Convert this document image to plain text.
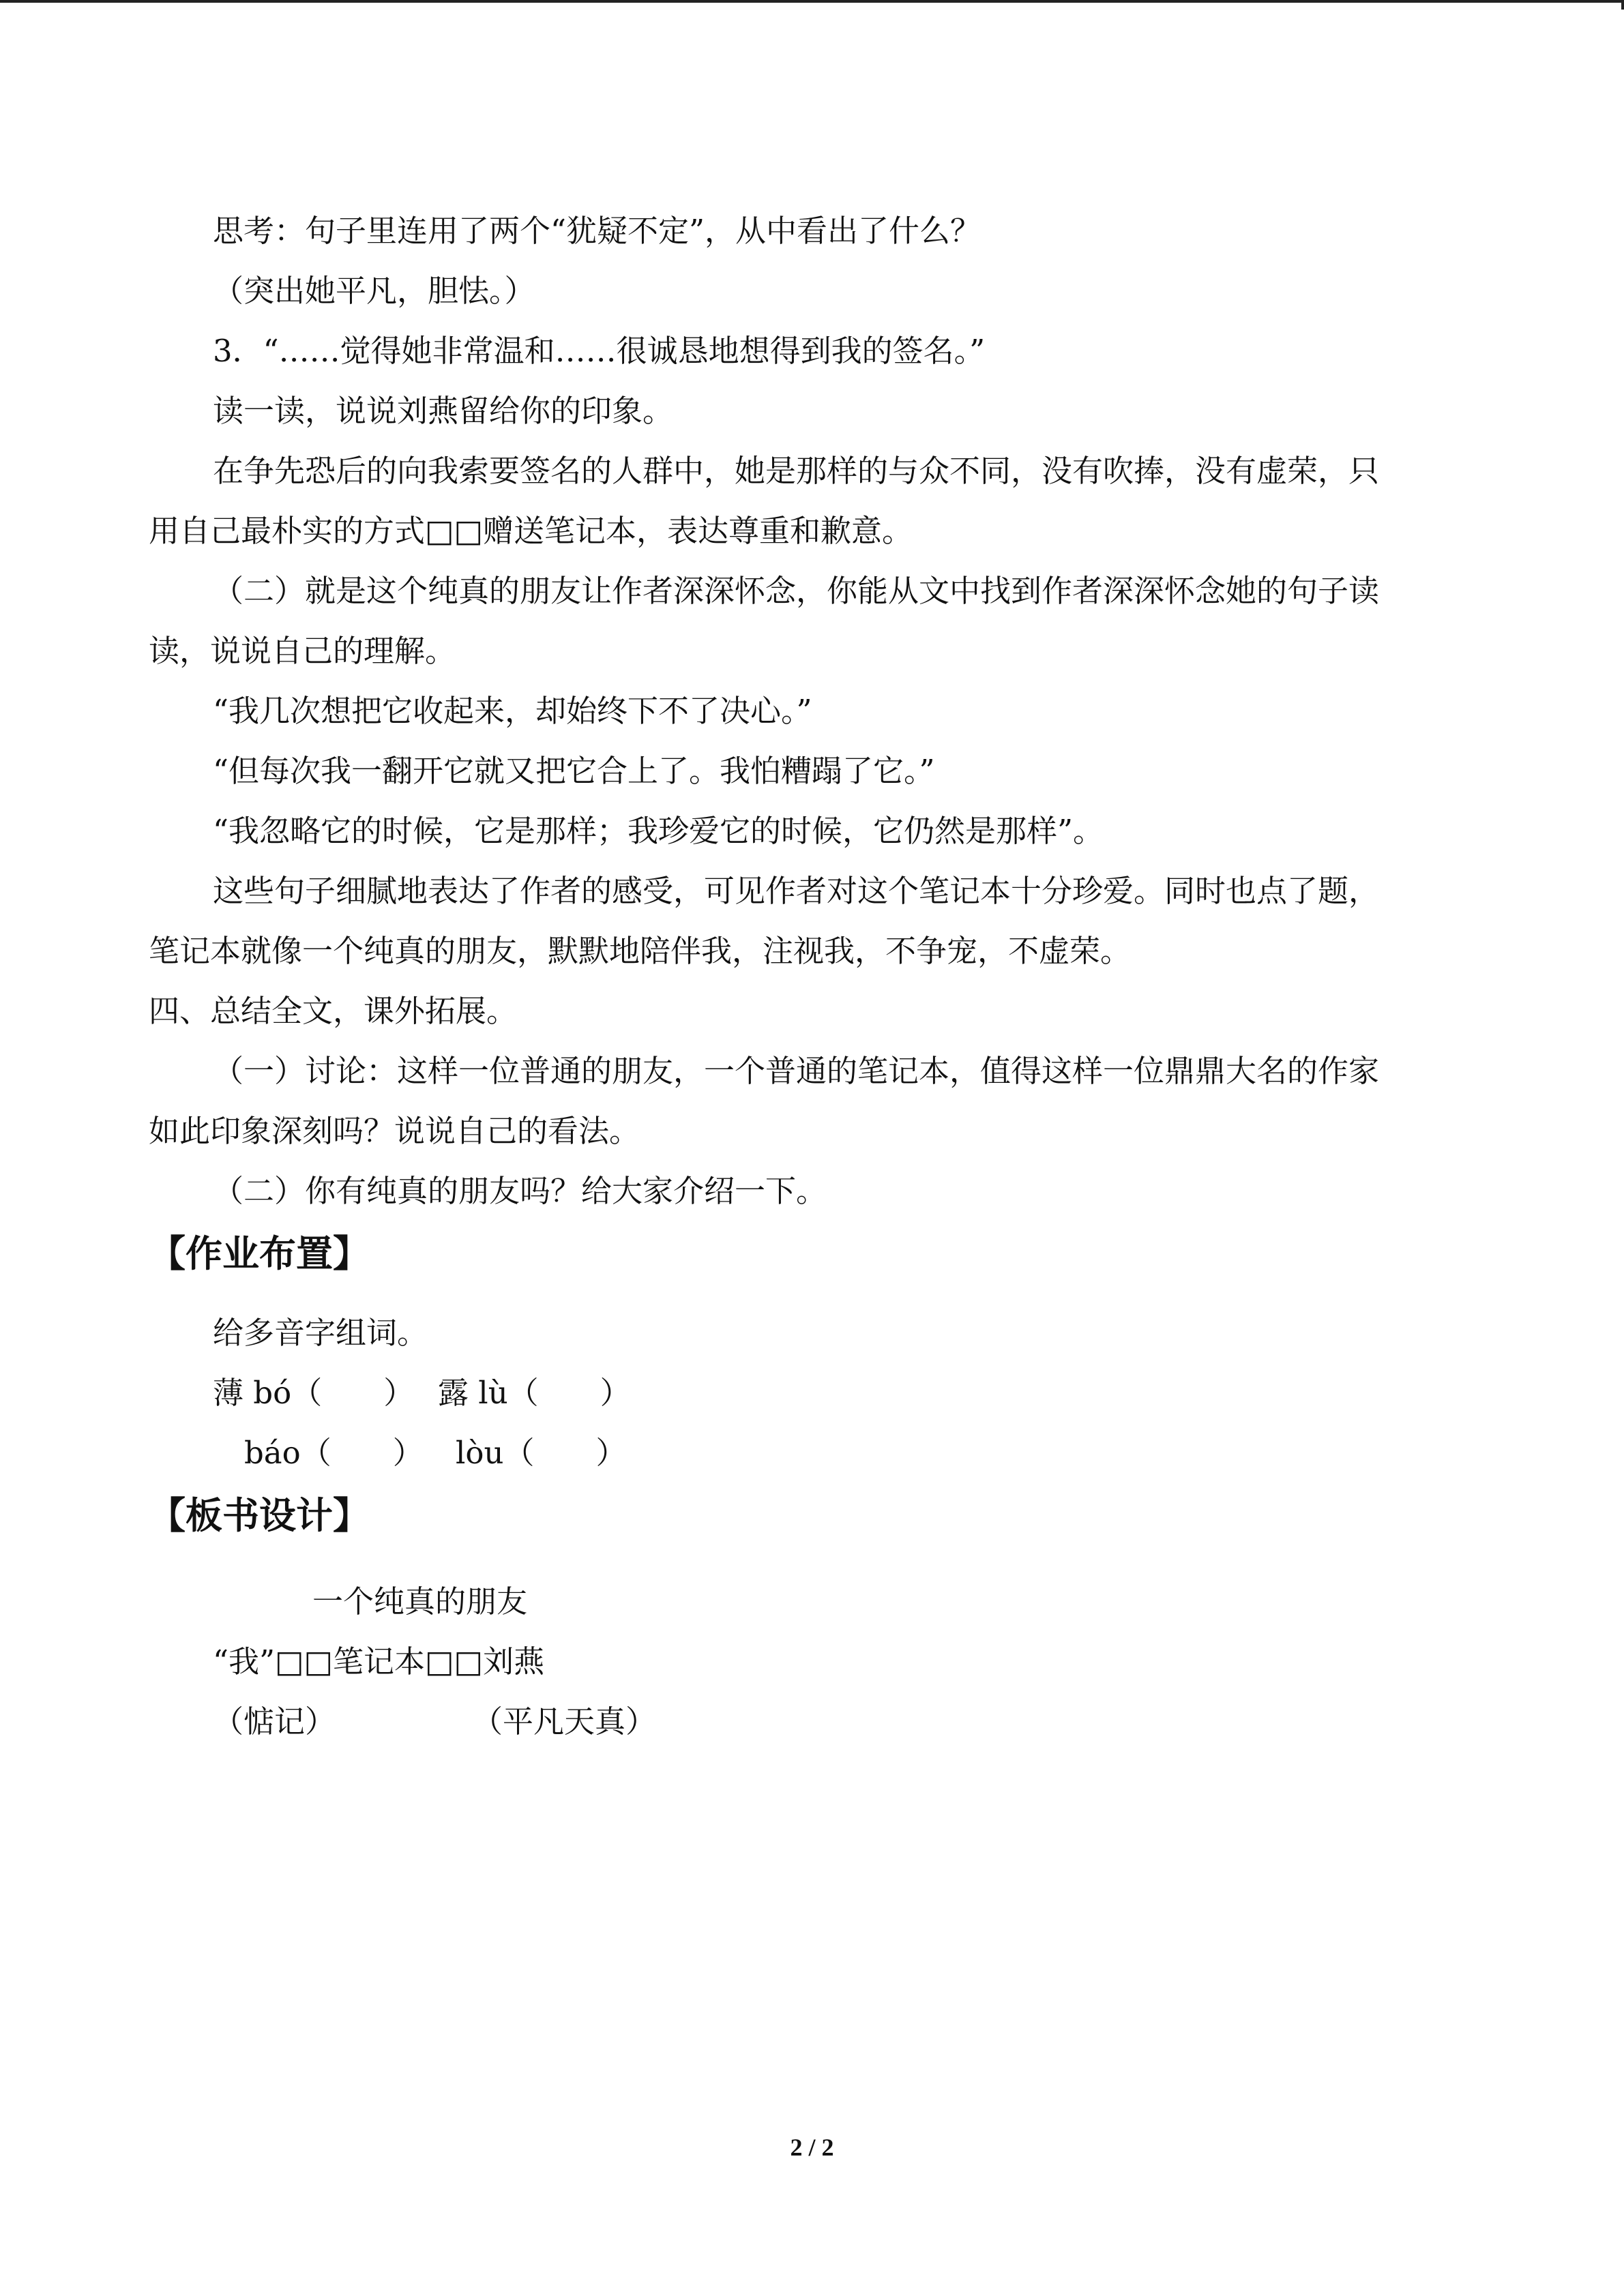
思考：句子里连用了两个“犹疑不定”，从中看出了什么？

（突出她平凡，胆怯。）

3．“……觉得她非常温和……很诚恳地想得到我的签名。”

读一读，说说刘燕留给你的印象。

在争先恐后的向我索要签名的人群中，她是那样的与众不同，没有吹捧，没有虚荣，只

用自己最朴实的方式□□赠送笔记本，表达尊重和歉意。

（二）就是这个纯真的朋友让作者深深怀念，你能从文中找到作者深深怀念她的句子读

读，说说自己的理解。

“我几次想把它收起来，却始终下不了决心。”

“但每次我一翻开它就又把它合上了。我怕糟蹋了它。”

“我忽略它的时候，它是那样；我珍爱它的时候，它仍然是那样”。

这些句子细腻地表达了作者的感受，可见作者对这个笔记本十分珍爱。同时也点了题，

笔记本就像一个纯真的朋友，默默地陪伴我，注视我，不争宠，不虚荣。

四、总结全文，课外拓展。

（一）讨论：这样一位普通的朋友，一个普通的笔记本，值得这样一位鼎鼎大名的作家

如此印象深刻吗？说说自己的看法。

（二）你有纯真的朋友吗？给大家介绍一下。

【作业布置】

给多音字组词。

薄 bó（　　） 露 lù（　　）

báo（　　） lòu（　　）

【板书设计】

一个纯真的朋友

“我”□□笔记本□□刘燕

（惦记）	（平凡天真）

2 / 2
